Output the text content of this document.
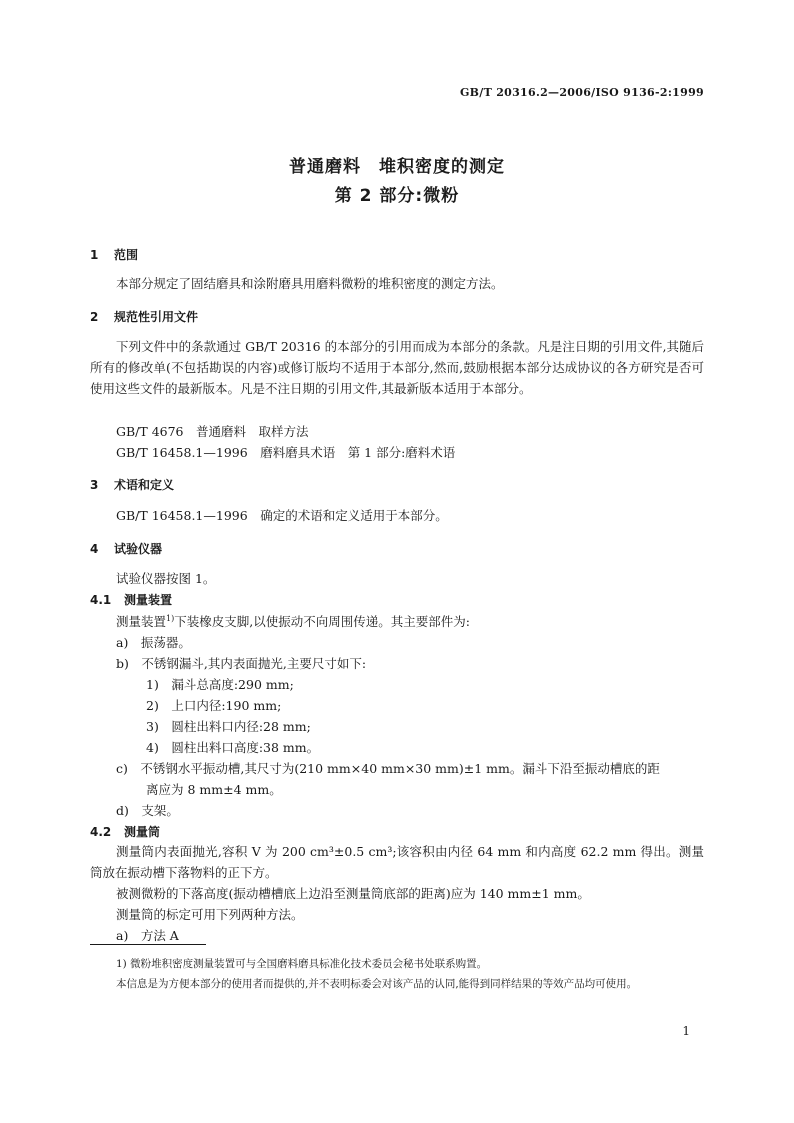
GB/T 20316.2—2006/ISO 9136-2:1999
普通磨料　堆积密度的测定
第 2 部分:微粉
1 范围
本部分规定了固结磨具和涂附磨具用磨料微粉的堆积密度的测定方法。
2 规范性引用文件
下列文件中的条款通过 GB/T 20316 的本部分的引用而成为本部分的条款。凡是注日期的引用文件,其随后所有的修改单(不包括勘误的内容)或修订版均不适用于本部分,然而,鼓励根据本部分达成协议的各方研究是否可使用这些文件的最新版本。凡是不注日期的引用文件,其最新版本适用于本部分。
GB/T 4676　普通磨料　取样方法
GB/T 16458.1—1996　磨料磨具术语　第 1 部分:磨料术语
3 术语和定义
GB/T 16458.1—1996　确定的术语和定义适用于本部分。
4 试验仪器
试验仪器按图 1。
4.1 测量装置
测量装置$^{1)}$下装橡皮支脚,以使振动不向周围传递。其主要部件为:
a)　振荡器。
b)　不锈钢漏斗,其内表面抛光,主要尺寸如下:
1)　漏斗总高度:290 mm;
2)　上口内径:190 mm;
3)　圆柱出料口内径:28 mm;
4)　圆柱出料口高度:38 mm。
c)　不锈钢水平振动槽,其尺寸为(210 mm×40 mm×30 mm)±1 mm。漏斗下沿至振动槽底的距
离应为 8 mm±4 mm。
d)　支架。
4.2 测量筒
测量筒内表面抛光,容积 V 为 200 cm³±0.5 cm³;该容积由内径 64 mm 和内高度 62.2 mm 得出。测量筒放在振动槽下落物料的正下方。
被测微粉的下落高度(振动槽槽底上边沿至测量筒底部的距离)应为 140 mm±1 mm。
测量筒的标定可用下列两种方法。
a)　方法 A
1) 微粉堆积密度测量装置可与全国磨料磨具标准化技术委员会秘书处联系购置。
本信息是为方便本部分的使用者而提供的,并不表明标委会对该产品的认同,能得到同样结果的等效产品均可使用。
1
